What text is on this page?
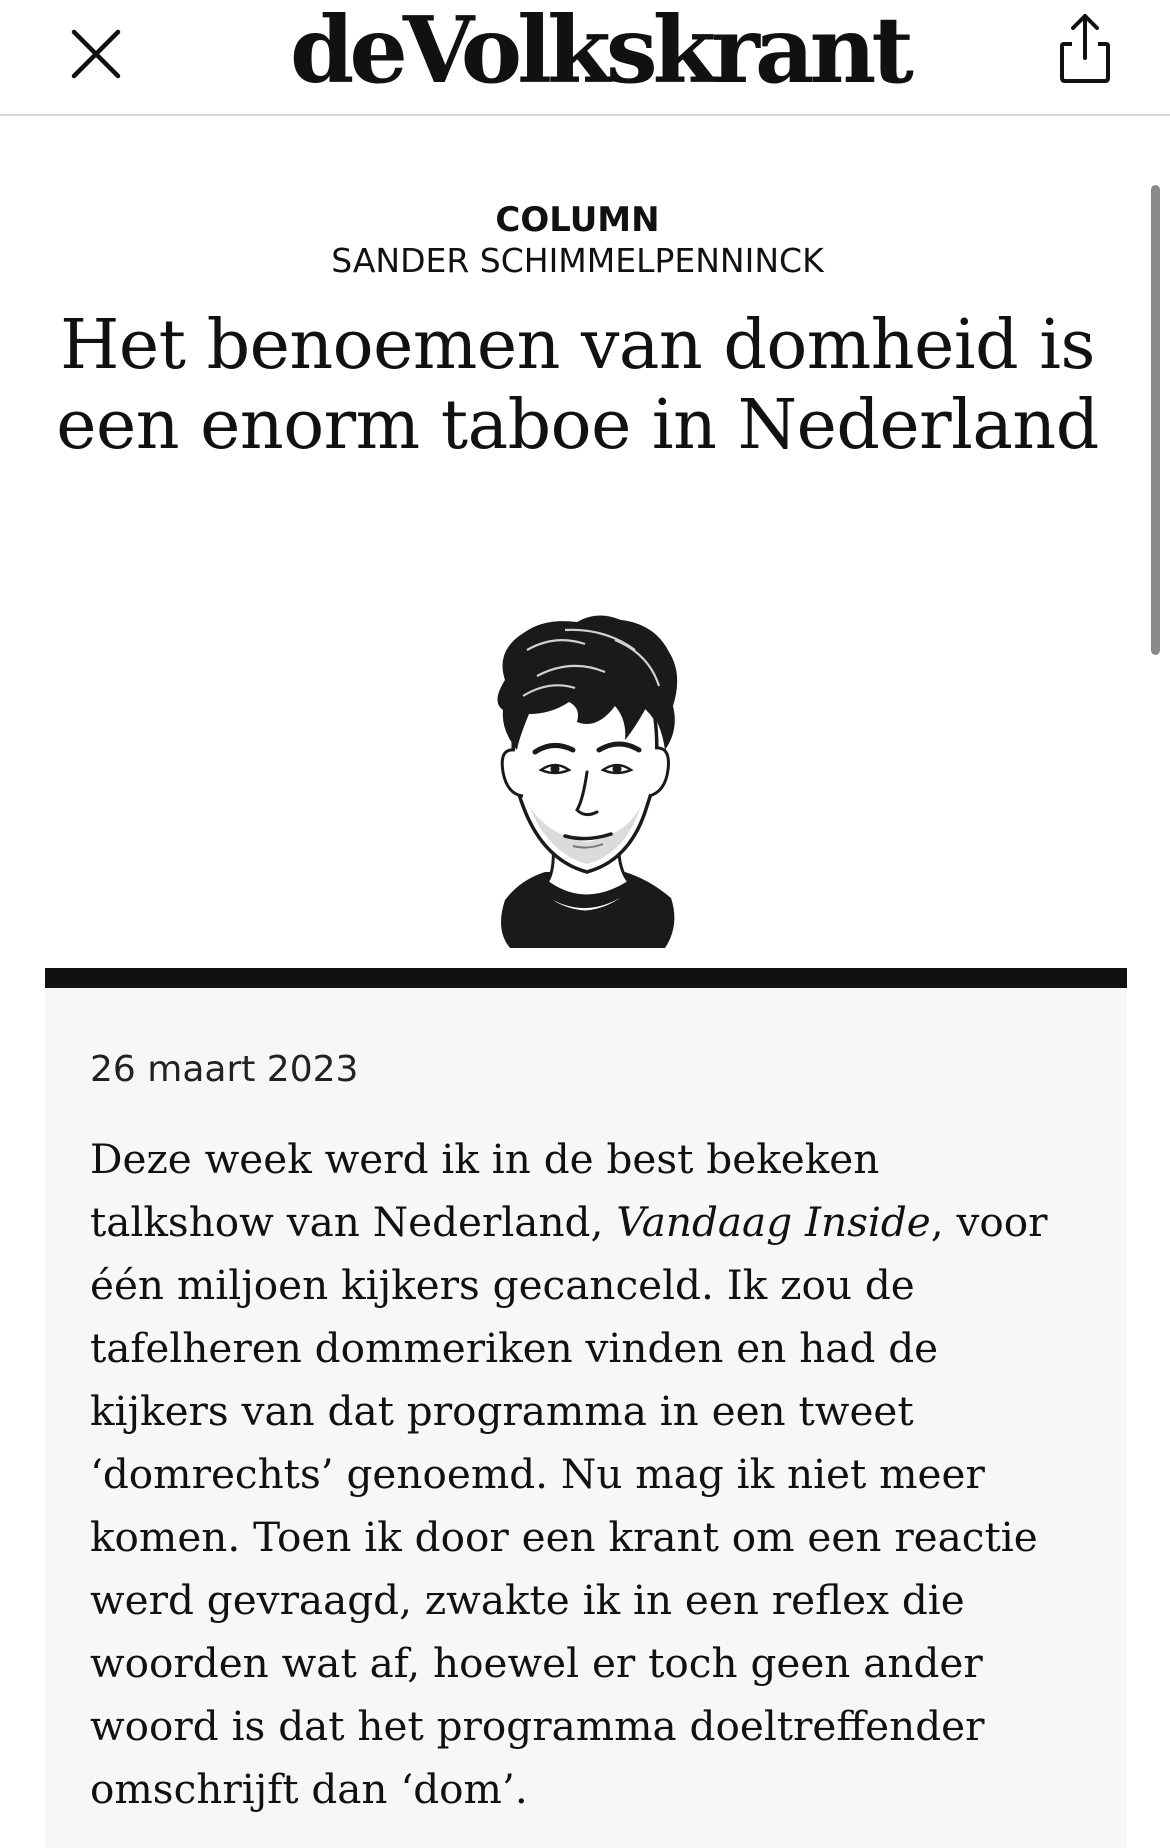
deVolkskrant
COLUMN
SANDER SCHIMMELPENNINCK
Het benoemen van domheid is
een enorm taboe in Nederland
26 maart 2023
Deze week werd ik in de best bekeken
talkshow van Nederland, Vandaag Inside, voor
één miljoen kijkers gecanceld. Ik zou de
tafelheren dommeriken vinden en had de
kijkers van dat programma in een tweet
‘domrechts’ genoemd. Nu mag ik niet meer
komen. Toen ik door een krant om een reactie
werd gevraagd, zwakte ik in een reflex die
woorden wat af, hoewel er toch geen ander
woord is dat het programma doeltreffender
omschrijft dan ‘dom’.
